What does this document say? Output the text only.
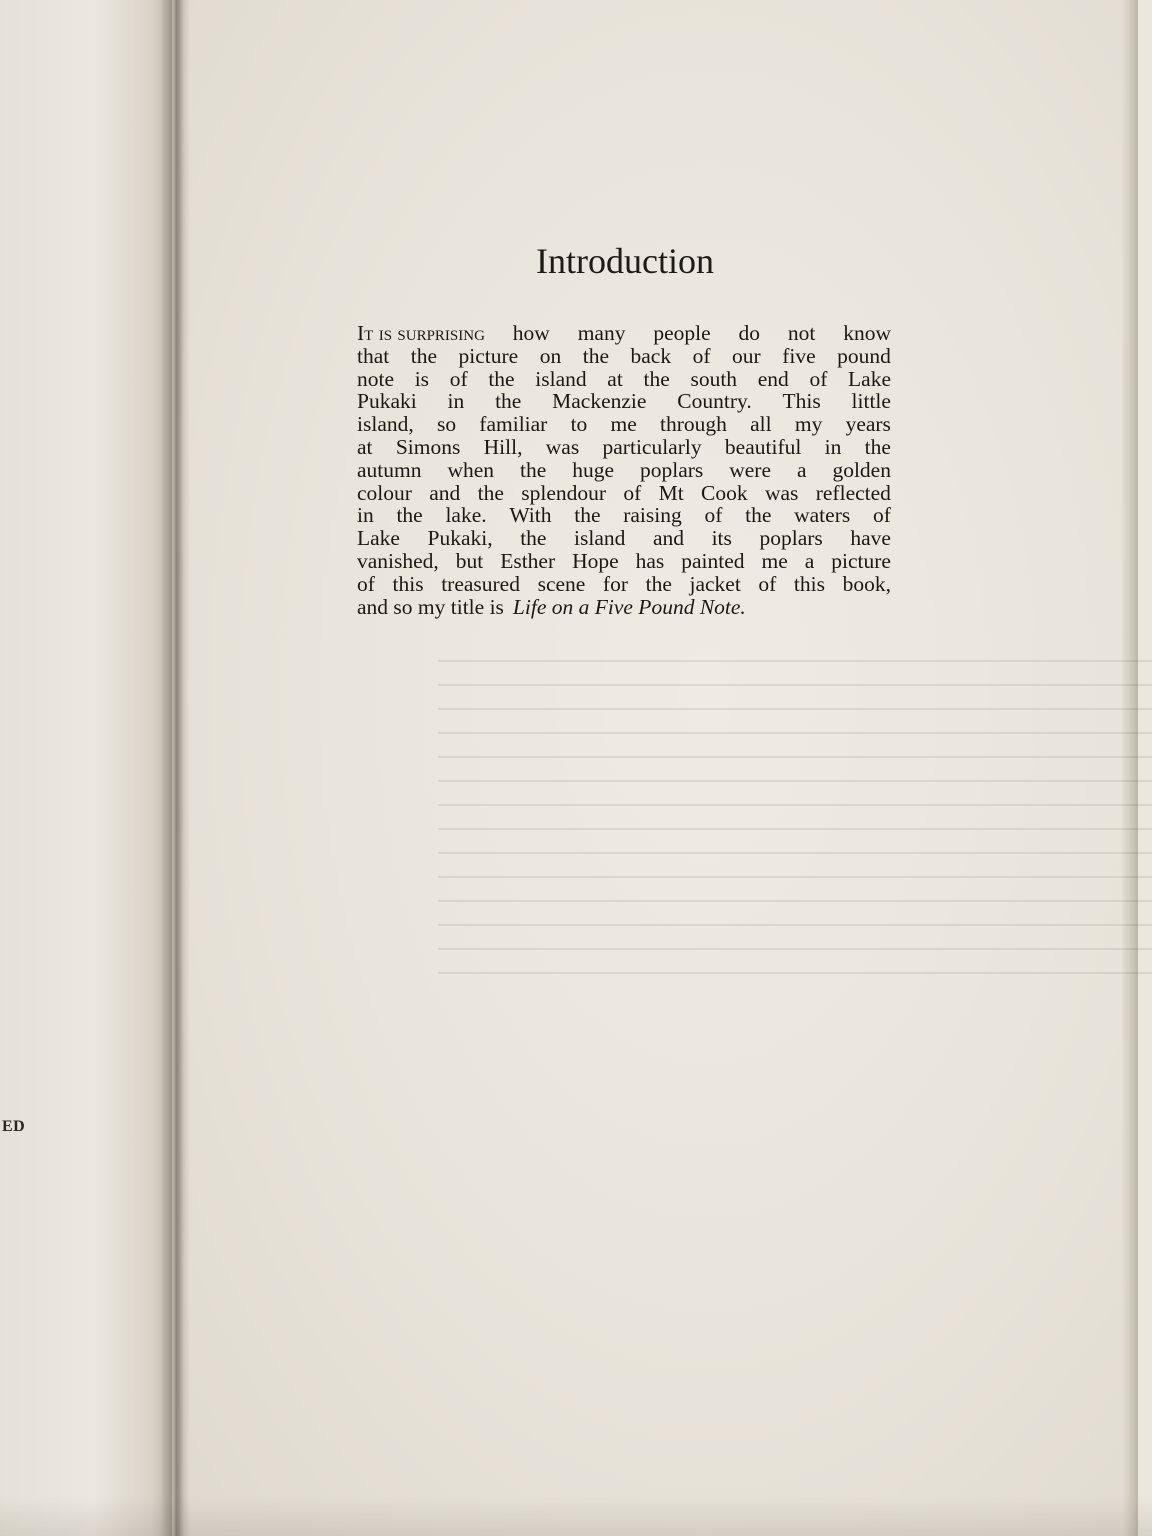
ED
Introduction
It is surprising how many people do not know
that the picture on the back of our five pound
note is of the island at the south end of Lake
Pukaki in the Mackenzie Country. This little
island, so familiar to me through all my years
at Simons Hill, was particularly beautiful in the
autumn when the huge poplars were a golden
colour and the splendour of Mt Cook was reflected
in the lake. With the raising of the waters of
Lake Pukaki, the island and its poplars have
vanished, but Esther Hope has painted me a picture
of this treasured scene for the jacket of this book,
and so my title is Life on a Five Pound Note.
